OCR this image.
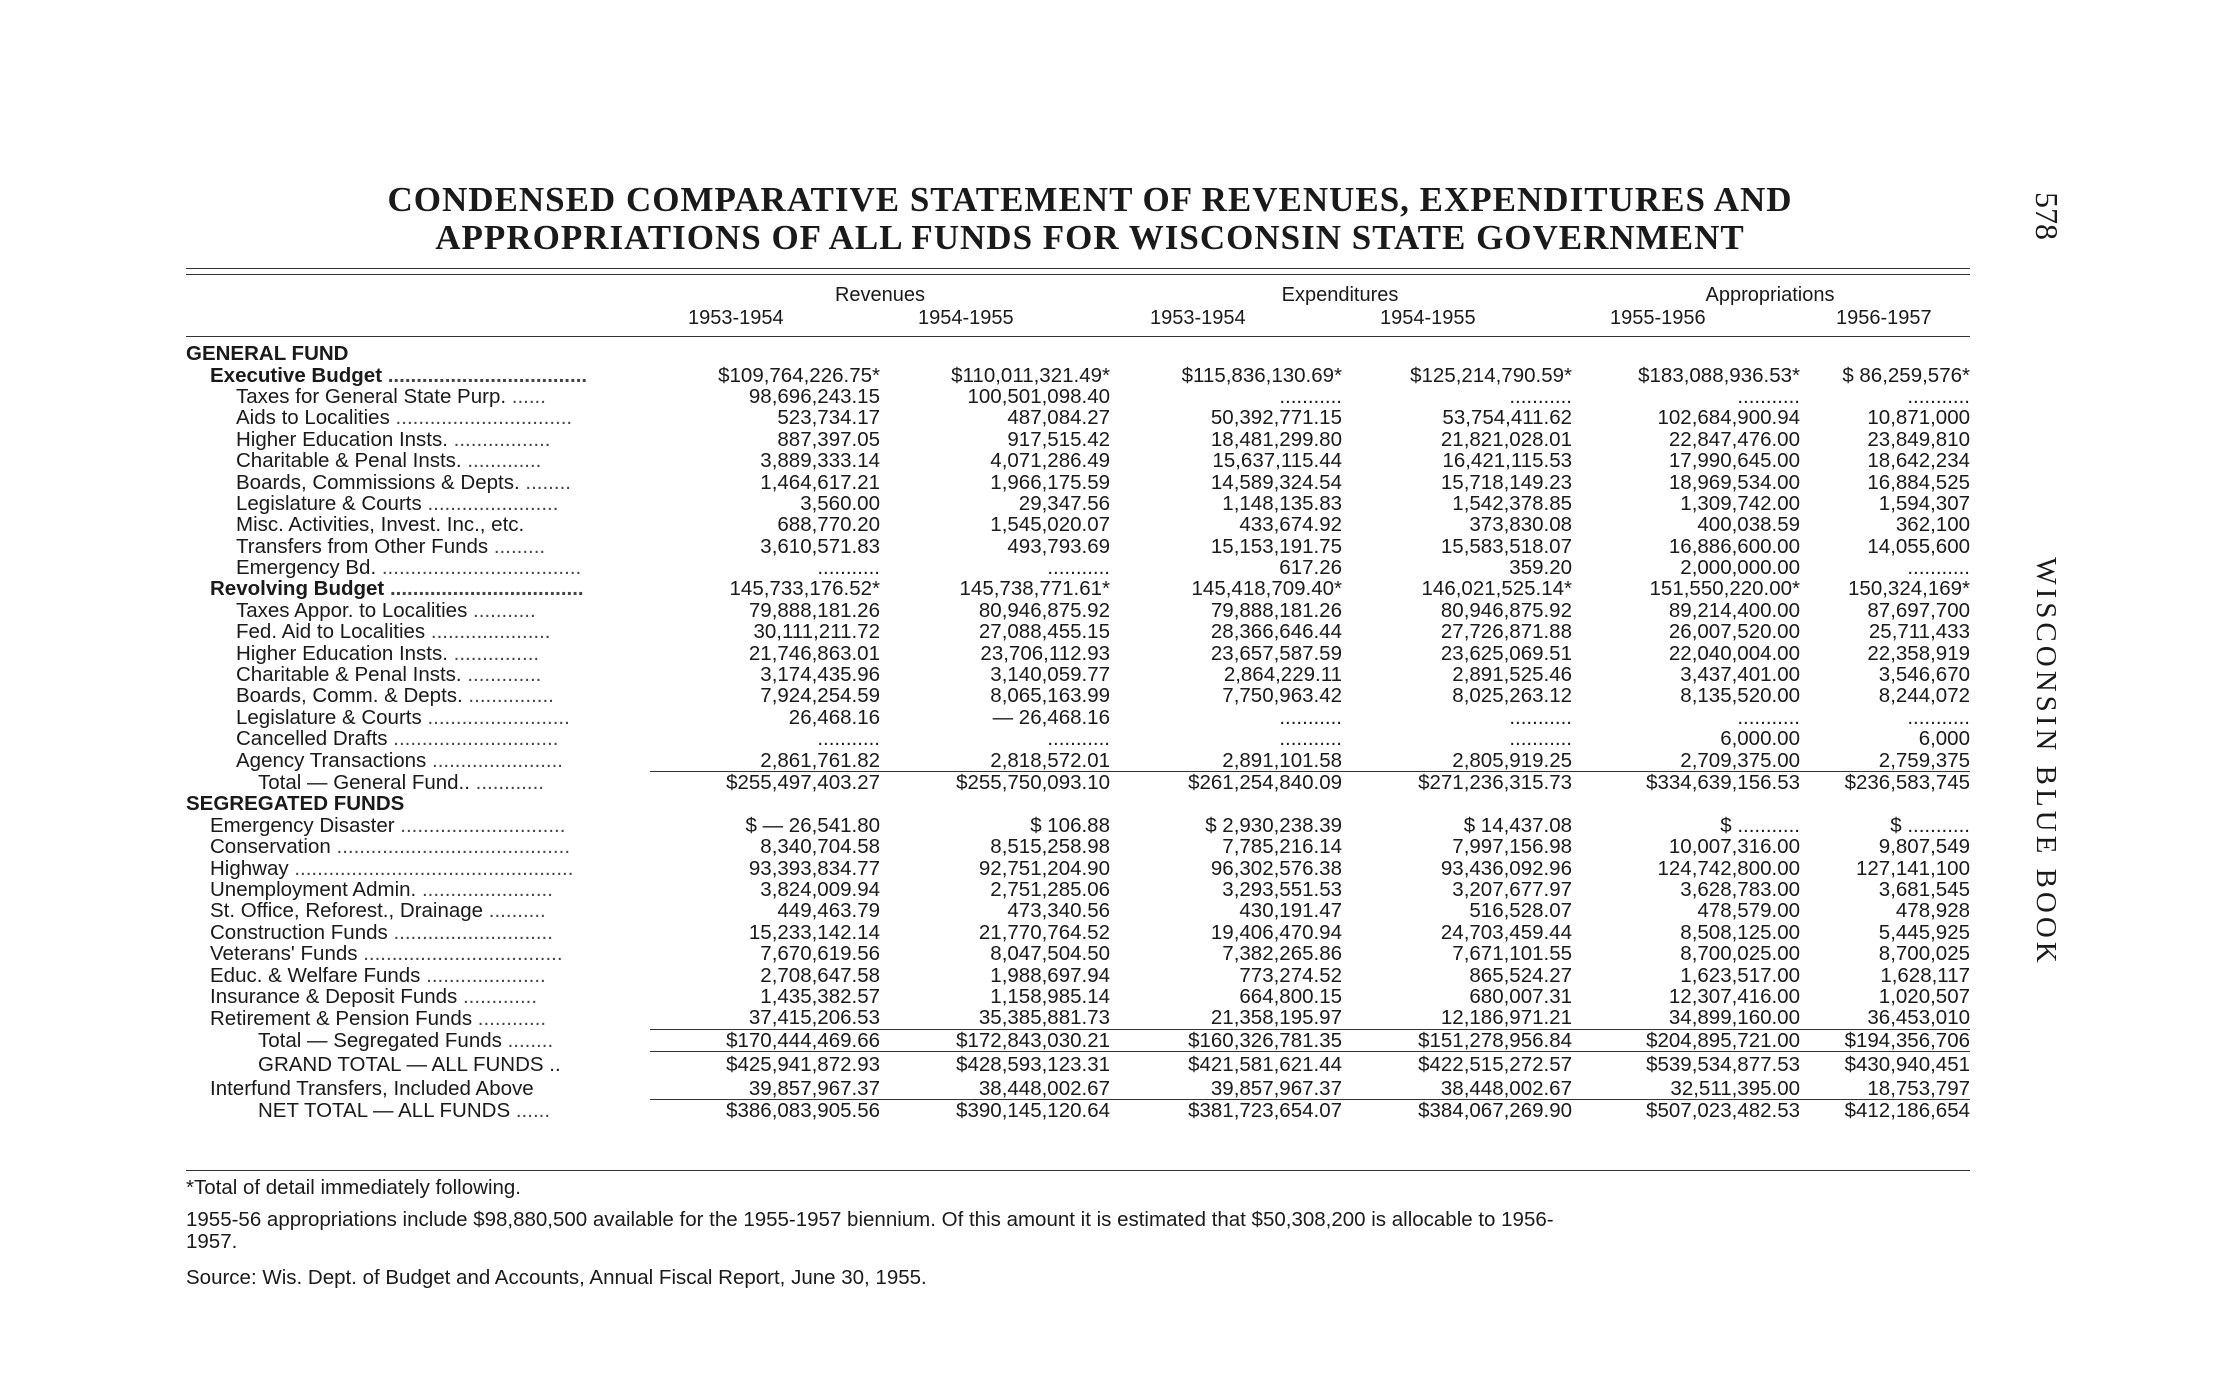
CONDENSED COMPARATIVE STATEMENT OF REVENUES, EXPENDITURES AND
APPROPRIATIONS OF ALL FUNDS FOR WISCONSIN STATE GOVERNMENT	578
WISCONSIN BLUE BOOK
Revenues	Expenditures	Appropriations
1953-1954	1954-1955	1953-1954	1954-1955	1955-1956	1956-1957
GENERAL FUND							
Executive Budget ...................................	$109,764,226.75*	$110,011,321.49*	$115,836,130.69*	$125,214,790.59*	$183,088,936.53*	$ 86,259,576*	
Taxes for General State Purp. ......	98,696,243.15	100,501,098.40	...........	...........	...........	...........	
Aids to Localities ...............................	523,734.17	487,084.27	50,392,771.15	53,754,411.62	102,684,900.94	10,871,000	
Higher Education Insts. .................	887,397.05	917,515.42	18,481,299.80	21,821,028.01	22,847,476.00	23,849,810	
Charitable & Penal Insts. .............	3,889,333.14	4,071,286.49	15,637,115.44	16,421,115.53	17,990,645.00	18,642,234	
Boards, Commissions & Depts. ........	1,464,617.21	1,966,175.59	14,589,324.54	15,718,149.23	18,969,534.00	16,884,525	
Legislature & Courts .......................	3,560.00	29,347.56	1,148,135.83	1,542,378.85	1,309,742.00	1,594,307	
Misc. Activities, Invest. Inc., etc.	688,770.20	1,545,020.07	433,674.92	373,830.08	400,038.59	362,100	
Transfers from Other Funds .........	3,610,571.83	493,793.69	15,153,191.75	15,583,518.07	16,886,600.00	14,055,600	
Emergency Bd. ...................................	...........	...........	617.26	359.20	2,000,000.00	...........	
Revolving Budget ..................................	145,733,176.52*	145,738,771.61*	145,418,709.40*	146,021,525.14*	151,550,220.00*	150,324,169*	
Taxes Appor. to Localities ...........	79,888,181.26	80,946,875.92	79,888,181.26	80,946,875.92	89,214,400.00	87,697,700	
Fed. Aid to Localities .....................	30,111,211.72	27,088,455.15	28,366,646.44	27,726,871.88	26,007,520.00	25,711,433	
Higher Education Insts. ...............	21,746,863.01	23,706,112.93	23,657,587.59	23,625,069.51	22,040,004.00	22,358,919	
Charitable & Penal Insts. .............	3,174,435.96	3,140,059.77	2,864,229.11	2,891,525.46	3,437,401.00	3,546,670	
Boards, Comm. & Depts. ...............	7,924,254.59	8,065,163.99	7,750,963.42	8,025,263.12	8,135,520.00	8,244,072	
Legislature & Courts .........................	26,468.16	— 26,468.16	...........	...........	...........	...........	
Cancelled Drafts .............................	...........	...........	...........	...........	6,000.00	6,000	
Agency Transactions .......................	2,861,761.82	2,818,572.01	2,891,101.58	2,805,919.25	2,709,375.00	2,759,375	
Total — General Fund.. ............	$255,497,403.27	$255,750,093.10	$261,254,840.09	$271,236,315.73	$334,639,156.53	$236,583,745	
SEGREGATED FUNDS							
Emergency Disaster .............................	$ — 26,541.80	$ 106.88	$ 2,930,238.39	$ 14,437.08	$ ...........	$ ...........	
Conservation .........................................	8,340,704.58	8,515,258.98	7,785,216.14	7,997,156.98	10,007,316.00	9,807,549	
Highway .................................................	93,393,834.77	92,751,204.90	96,302,576.38	93,436,092.96	124,742,800.00	127,141,100	
Unemployment Admin. .......................	3,824,009.94	2,751,285.06	3,293,551.53	3,207,677.97	3,628,783.00	3,681,545	
St. Office, Reforest., Drainage ..........	449,463.79	473,340.56	430,191.47	516,528.07	478,579.00	478,928	
Construction Funds ............................	15,233,142.14	21,770,764.52	19,406,470.94	24,703,459.44	8,508,125.00	5,445,925	
Veterans' Funds ...................................	7,670,619.56	8,047,504.50	7,382,265.86	7,671,101.55	8,700,025.00	8,700,025	
Educ. & Welfare Funds .....................	2,708,647.58	1,988,697.94	773,274.52	865,524.27	1,623,517.00	1,628,117	
Insurance & Deposit Funds .............	1,435,382.57	1,158,985.14	664,800.15	680,007.31	12,307,416.00	1,020,507	
Retirement & Pension Funds ............	37,415,206.53	35,385,881.73	21,358,195.97	12,186,971.21	34,899,160.00	36,453,010	
Total — Segregated Funds ........	$170,444,469.66	$172,843,030.21	$160,326,781.35	$151,278,956.84	$204,895,721.00	$194,356,706	
GRAND TOTAL — ALL FUNDS ..	$425,941,872.93	$428,593,123.31	$421,581,621.44	$422,515,272.57	$539,534,877.53	$430,940,451	
Interfund Transfers, Included Above	39,857,967.37	38,448,002.67	39,857,967.37	38,448,002.67	32,511,395.00	18,753,797	
NET TOTAL — ALL FUNDS ......	$386,083,905.56	$390,145,120.64	$381,723,654.07	$384,067,269.90	$507,023,482.53	$412,186,654	
*Total of detail immediately following.
1955-56 appropriations include $98,880,500 available for the 1955-1957 biennium. Of this amount it is estimated that $50,308,200 is allocable to 1956-
1957.
Source: Wis. Dept. of Budget and Accounts, Annual Fiscal Report, June 30, 1955.
